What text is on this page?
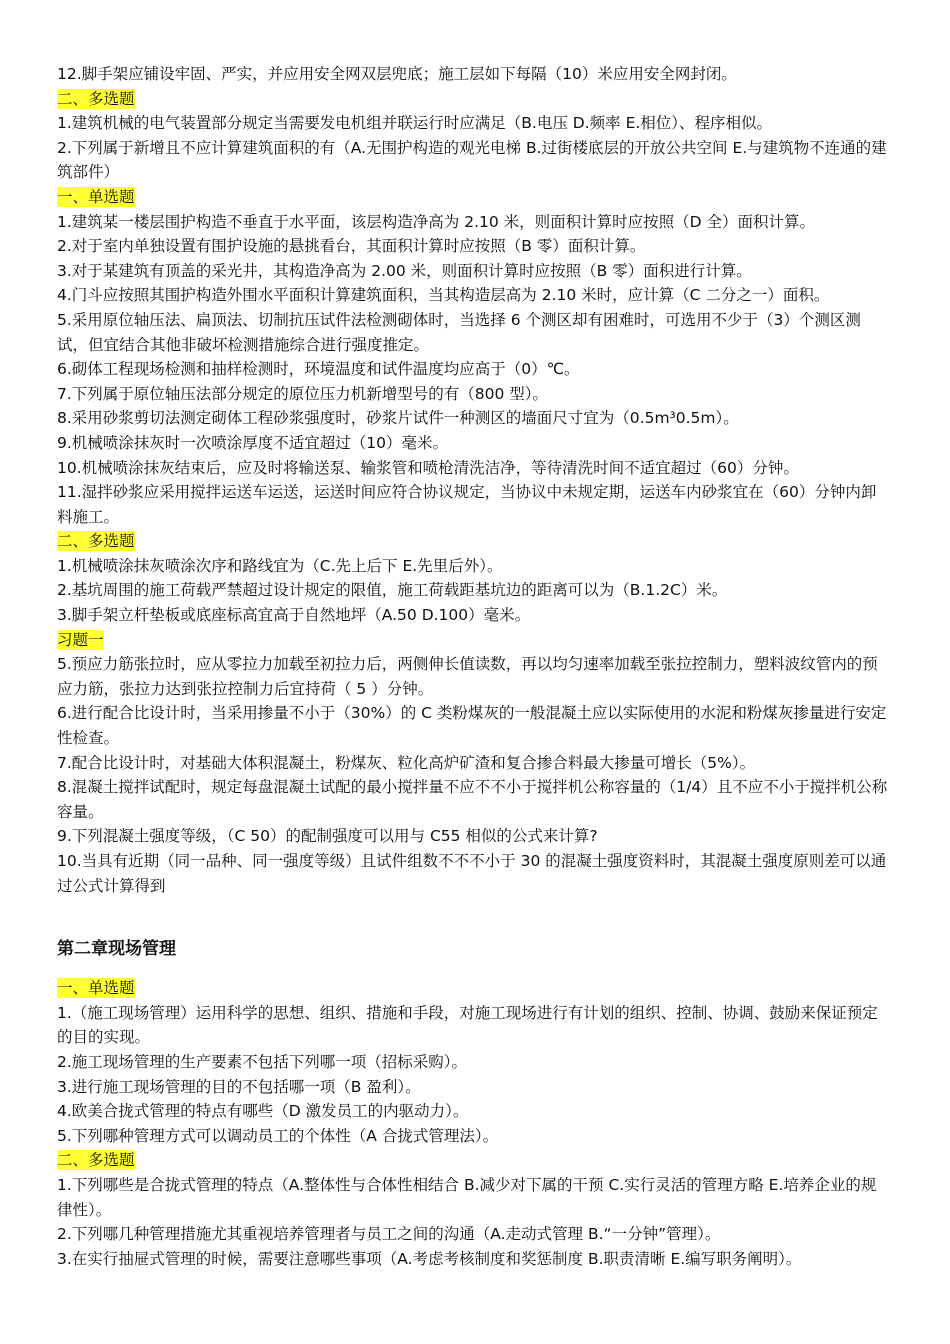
12.脚手架应铺设牢固、严实，并应用安全网双层兜底；施工层如下每隔（10）米应用安全网封闭。
二、多选题
1.建筑机械的电气装置部分规定当需要发电机组并联运行时应满足（B.电压 D.频率 E.相位）、程序相似。
2.下列属于新增且不应计算建筑面积的有（A.无围护构造的观光电梯 B.过街楼底层的开放公共空间 E.与建筑物不连通的建筑部件）
一、单选题
1.建筑某一楼层围护构造不垂直于水平面，该层构造净高为 2.10 米，则面积计算时应按照（D 全）面积计算。
2.对于室内单独设置有围护设施的悬挑看台，其面积计算时应按照（B 零）面积计算。
3.对于某建筑有顶盖的采光井，其构造净高为 2.00 米，则面积计算时应按照（B 零）面积进行计算。
4.门斗应按照其围护构造外围水平面积计算建筑面积，当其构造层高为 2.10 米时，应计算（C 二分之一）面积。
5.采用原位轴压法、扁顶法、切制抗压试件法检测砌体时，当选择 6 个测区却有困难时，可选用不少于（3）个测区测试，但宜结合其他非破坏检测措施综合进行强度推定。
6.砌体工程现场检测和抽样检测时，环境温度和试件温度均应高于（0）℃。
7.下列属于原位轴压法部分规定的原位压力机新增型号的有（800 型）。
8.采用砂浆剪切法测定砌体工程砂浆强度时，砂浆片试件一种测区的墙面尺寸宜为（0.5m³0.5m）。
9.机械喷涂抹灰时一次喷涂厚度不适宜超过（10）毫米。
10.机械喷涂抹灰结束后，应及时将输送泵、输浆管和喷枪清洗洁净，等待清洗时间不适宜超过（60）分钟。
11.湿拌砂浆应采用搅拌运送车运送，运送时间应符合协议规定，当协议中未规定期，运送车内砂浆宜在（60）分钟内卸料施工。
二、多选题
1.机械喷涂抹灰喷涂次序和路线宜为（C.先上后下 E.先里后外）。
2.基坑周围的施工荷载严禁超过设计规定的限值，施工荷载距基坑边的距离可以为（B.1.2C）米。
3.脚手架立杆垫板或底座标高宜高于自然地坪（A.50 D.100）毫米。
习题一
5.预应力筋张拉时，应从零拉力加载至初拉力后，两侧伸长值读数，再以均匀速率加载至张拉控制力，塑料波纹管内的预应力筋，张拉力达到张拉控制力后宜持荷（ 5 ）分钟。
6.进行配合比设计时，当采用掺量不小于（30%）的 C 类粉煤灰的一般混凝土应以实际使用的水泥和粉煤灰掺量进行安定性检查。
7.配合比设计时，对基础大体积混凝土，粉煤灰、粒化高炉矿渣和复合掺合料最大掺量可增长（5%）。
8.混凝土搅拌试配时，规定每盘混凝土试配的最小搅拌量不应不不小于搅拌机公称容量的（1/4）且不应不小于搅拌机公称容量。
9.下列混凝土强度等级，（C 50）的配制强度可以用与 C55 相似的公式来计算?
10.当具有近期（同一品种、同一强度等级）且试件组数不不不小于 30 的混凝土强度资料时，其混凝土强度原则差可以通过公式计算得到
第二章现场管理
一、单选题
1.（施工现场管理）运用科学的思想、组织、措施和手段，对施工现场进行有计划的组织、控制、协调、鼓励来保证预定的目的实现。
2.施工现场管理的生产要素不包括下列哪一项（招标采购）。
3.进行施工现场管理的目的不包括哪一项（B 盈利）。
4.欧美合拢式管理的特点有哪些（D 激发员工的内驱动力）。
5.下列哪种管理方式可以调动员工的个体性（A 合拢式管理法）。
二、多选题
1.下列哪些是合拢式管理的特点（A.整体性与合体性相结合 B.减少对下属的干预 C.实行灵活的管理方略 E.培养企业的规律性）。
2.下列哪几种管理措施尤其重视培养管理者与员工之间的沟通（A.走动式管理 B.“一分钟”管理）。
3.在实行抽屉式管理的时候，需要注意哪些事项（A.考虑考核制度和奖惩制度 B.职责清晰 E.编写职务阐明）。
